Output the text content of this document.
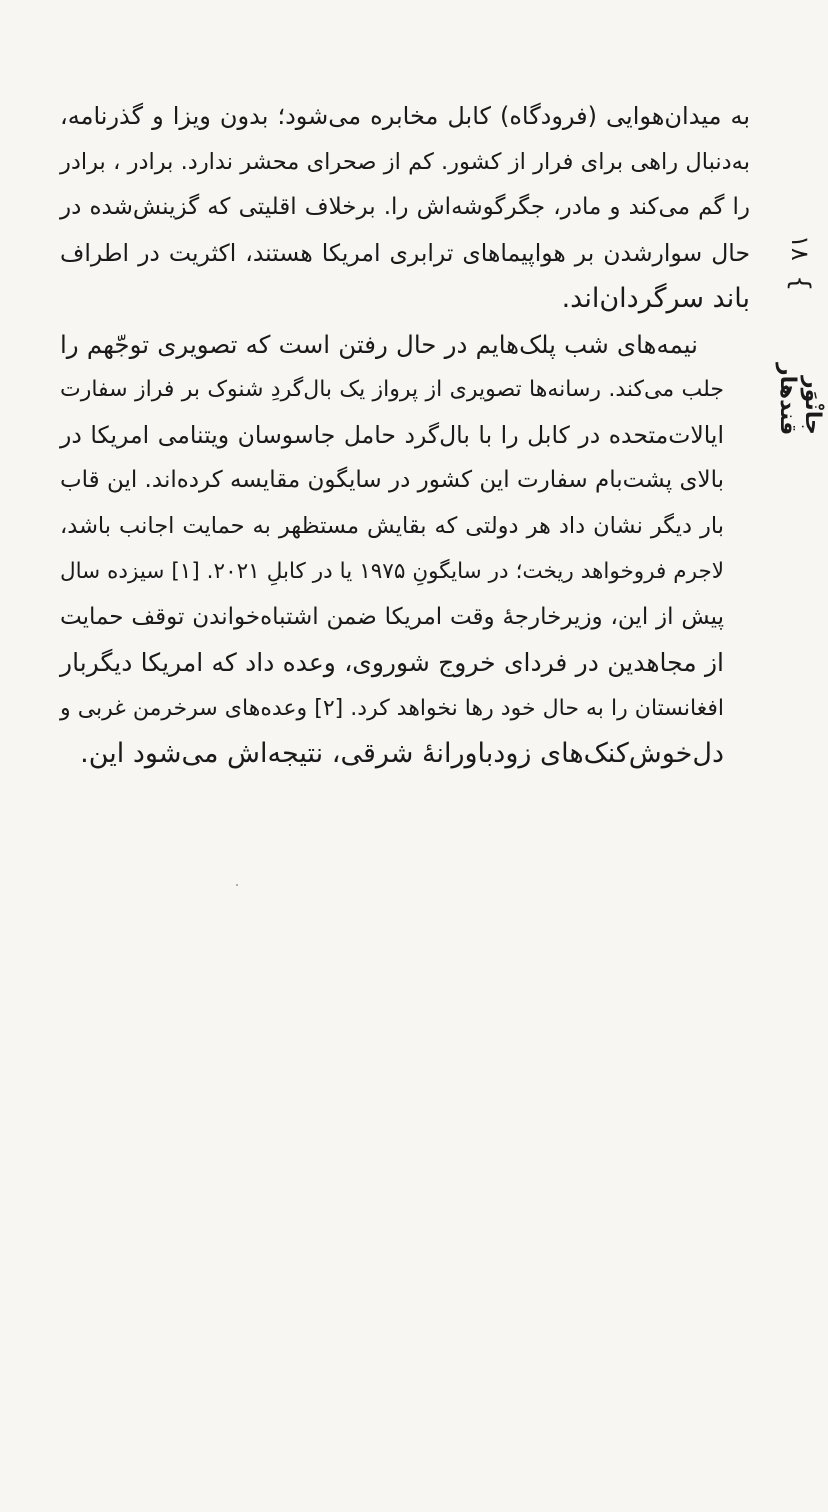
جانْوَر قندهار
}
۱۸

به میدان‌هوایی (فرودگاه) کابل مخابره می‌شود؛ بدون ویزا و گذرنامه،
به‌دنبال راهی برای فرار از کشور. کم از صحرای محشر ندارد. برادر ، برادر
را گم می‌کند و مادر، جگرگوشه‌اش را. برخلاف اقلیتی که گزینش‌شده در
حال سوارشدن بر هواپیماهای ترابری امریکا هستند، اکثریت در اطراف
باند سرگردان‌اند.

نیمه‌های شب پلک‌هایم در حال رفتن است که تصویری توجّهم را
جلب می‌کند. رسانه‌ها تصویری از پرواز یک بال‌گردِ شنوک بر فراز سفارت
ایالات‌متحده در کابل را با بال‌گرد حامل جاسوسان ویتنامی امریکا در
بالای پشت‌بام سفارت این کشور در سایگون مقایسه کرده‌اند. این قاب
بار دیگر نشان داد هر دولتی که بقایش مستظهر به حمایت اجانب باشد،
لاجرم فروخواهد ریخت؛ در سایگونِ ۱۹۷۵ یا در کابلِ ۲۰۲۱. [۱] سیزده سال
پیش از این، وزیرخارجهٔ وقت امریکا ضمن اشتباه‌خواندن توقف حمایت
از مجاهدین در فردای خروج شوروی، وعده داد که امریکا دیگربار
افغانستان را به حال خود رها نخواهد کرد. [۲] وعده‌های سرخرمن غربی و
دل‌خوش‌کنک‌های زودباورانهٔ شرقی، نتیجه‌اش می‌شود این.
